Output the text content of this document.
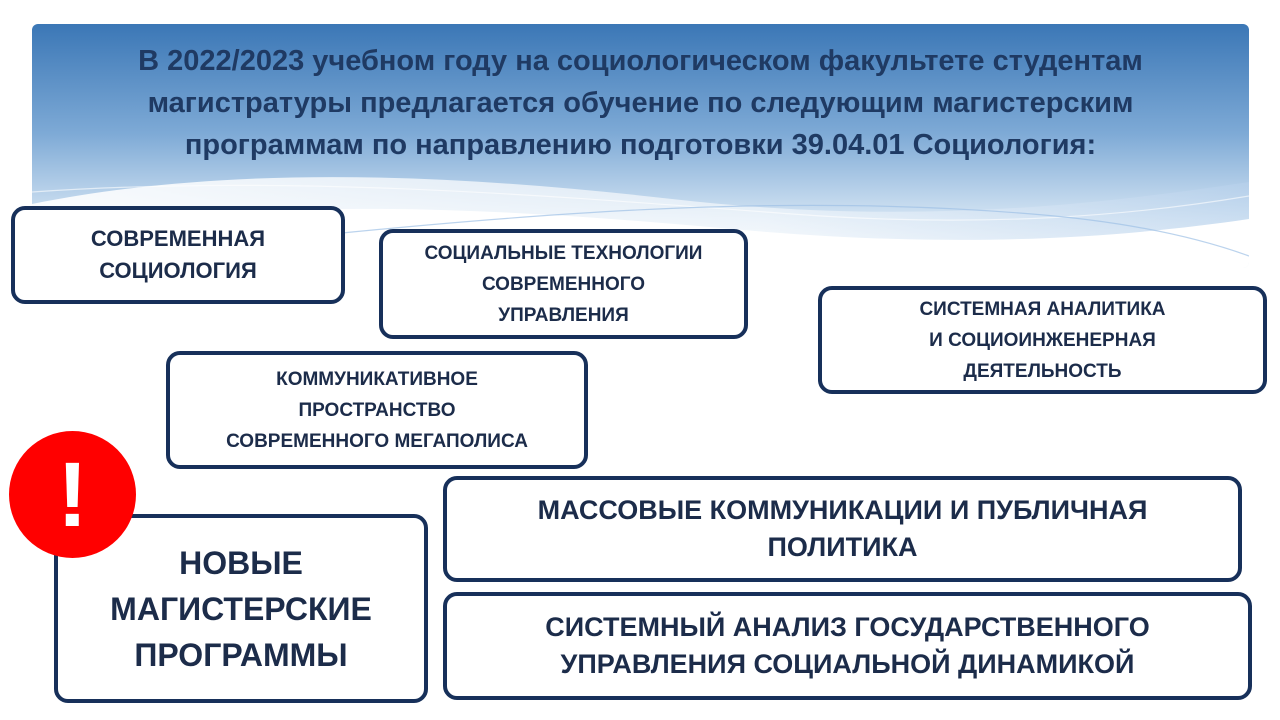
В 2022/2023 учебном году на социологическом факультете студентам
магистратуры предлагается обучение по следующим магистерским
программам по направлению подготовки 39.04.01 Социология:

СОВРЕМЕННАЯ
СОЦИОЛОГИЯ
СОЦИАЛЬНЫЕ ТЕХНОЛОГИИ
СОВРЕМЕННОГО
УПРАВЛЕНИЯ	СИСТЕМНАЯ АНАЛИТИКА
И СОЦИОИНЖЕНЕРНАЯ
ДЕЯТЕЛЬНОСТЬ
КОММУНИКАТИВНОЕ
ПРОСТРАНСТВО
СОВРЕМЕННОГО МЕГАПОЛИСА
НОВЫЕ
МАГИСТЕРСКИЕ
ПРОГРАММЫ
!	МАССОВЫЕ КОММУНИКАЦИИ И ПУБЛИЧНАЯ
ПОЛИТИКА
СИСТЕМНЫЙ АНАЛИЗ ГОСУДАРСТВЕННОГО
УПРАВЛЕНИЯ СОЦИАЛЬНОЙ ДИНАМИКОЙ
